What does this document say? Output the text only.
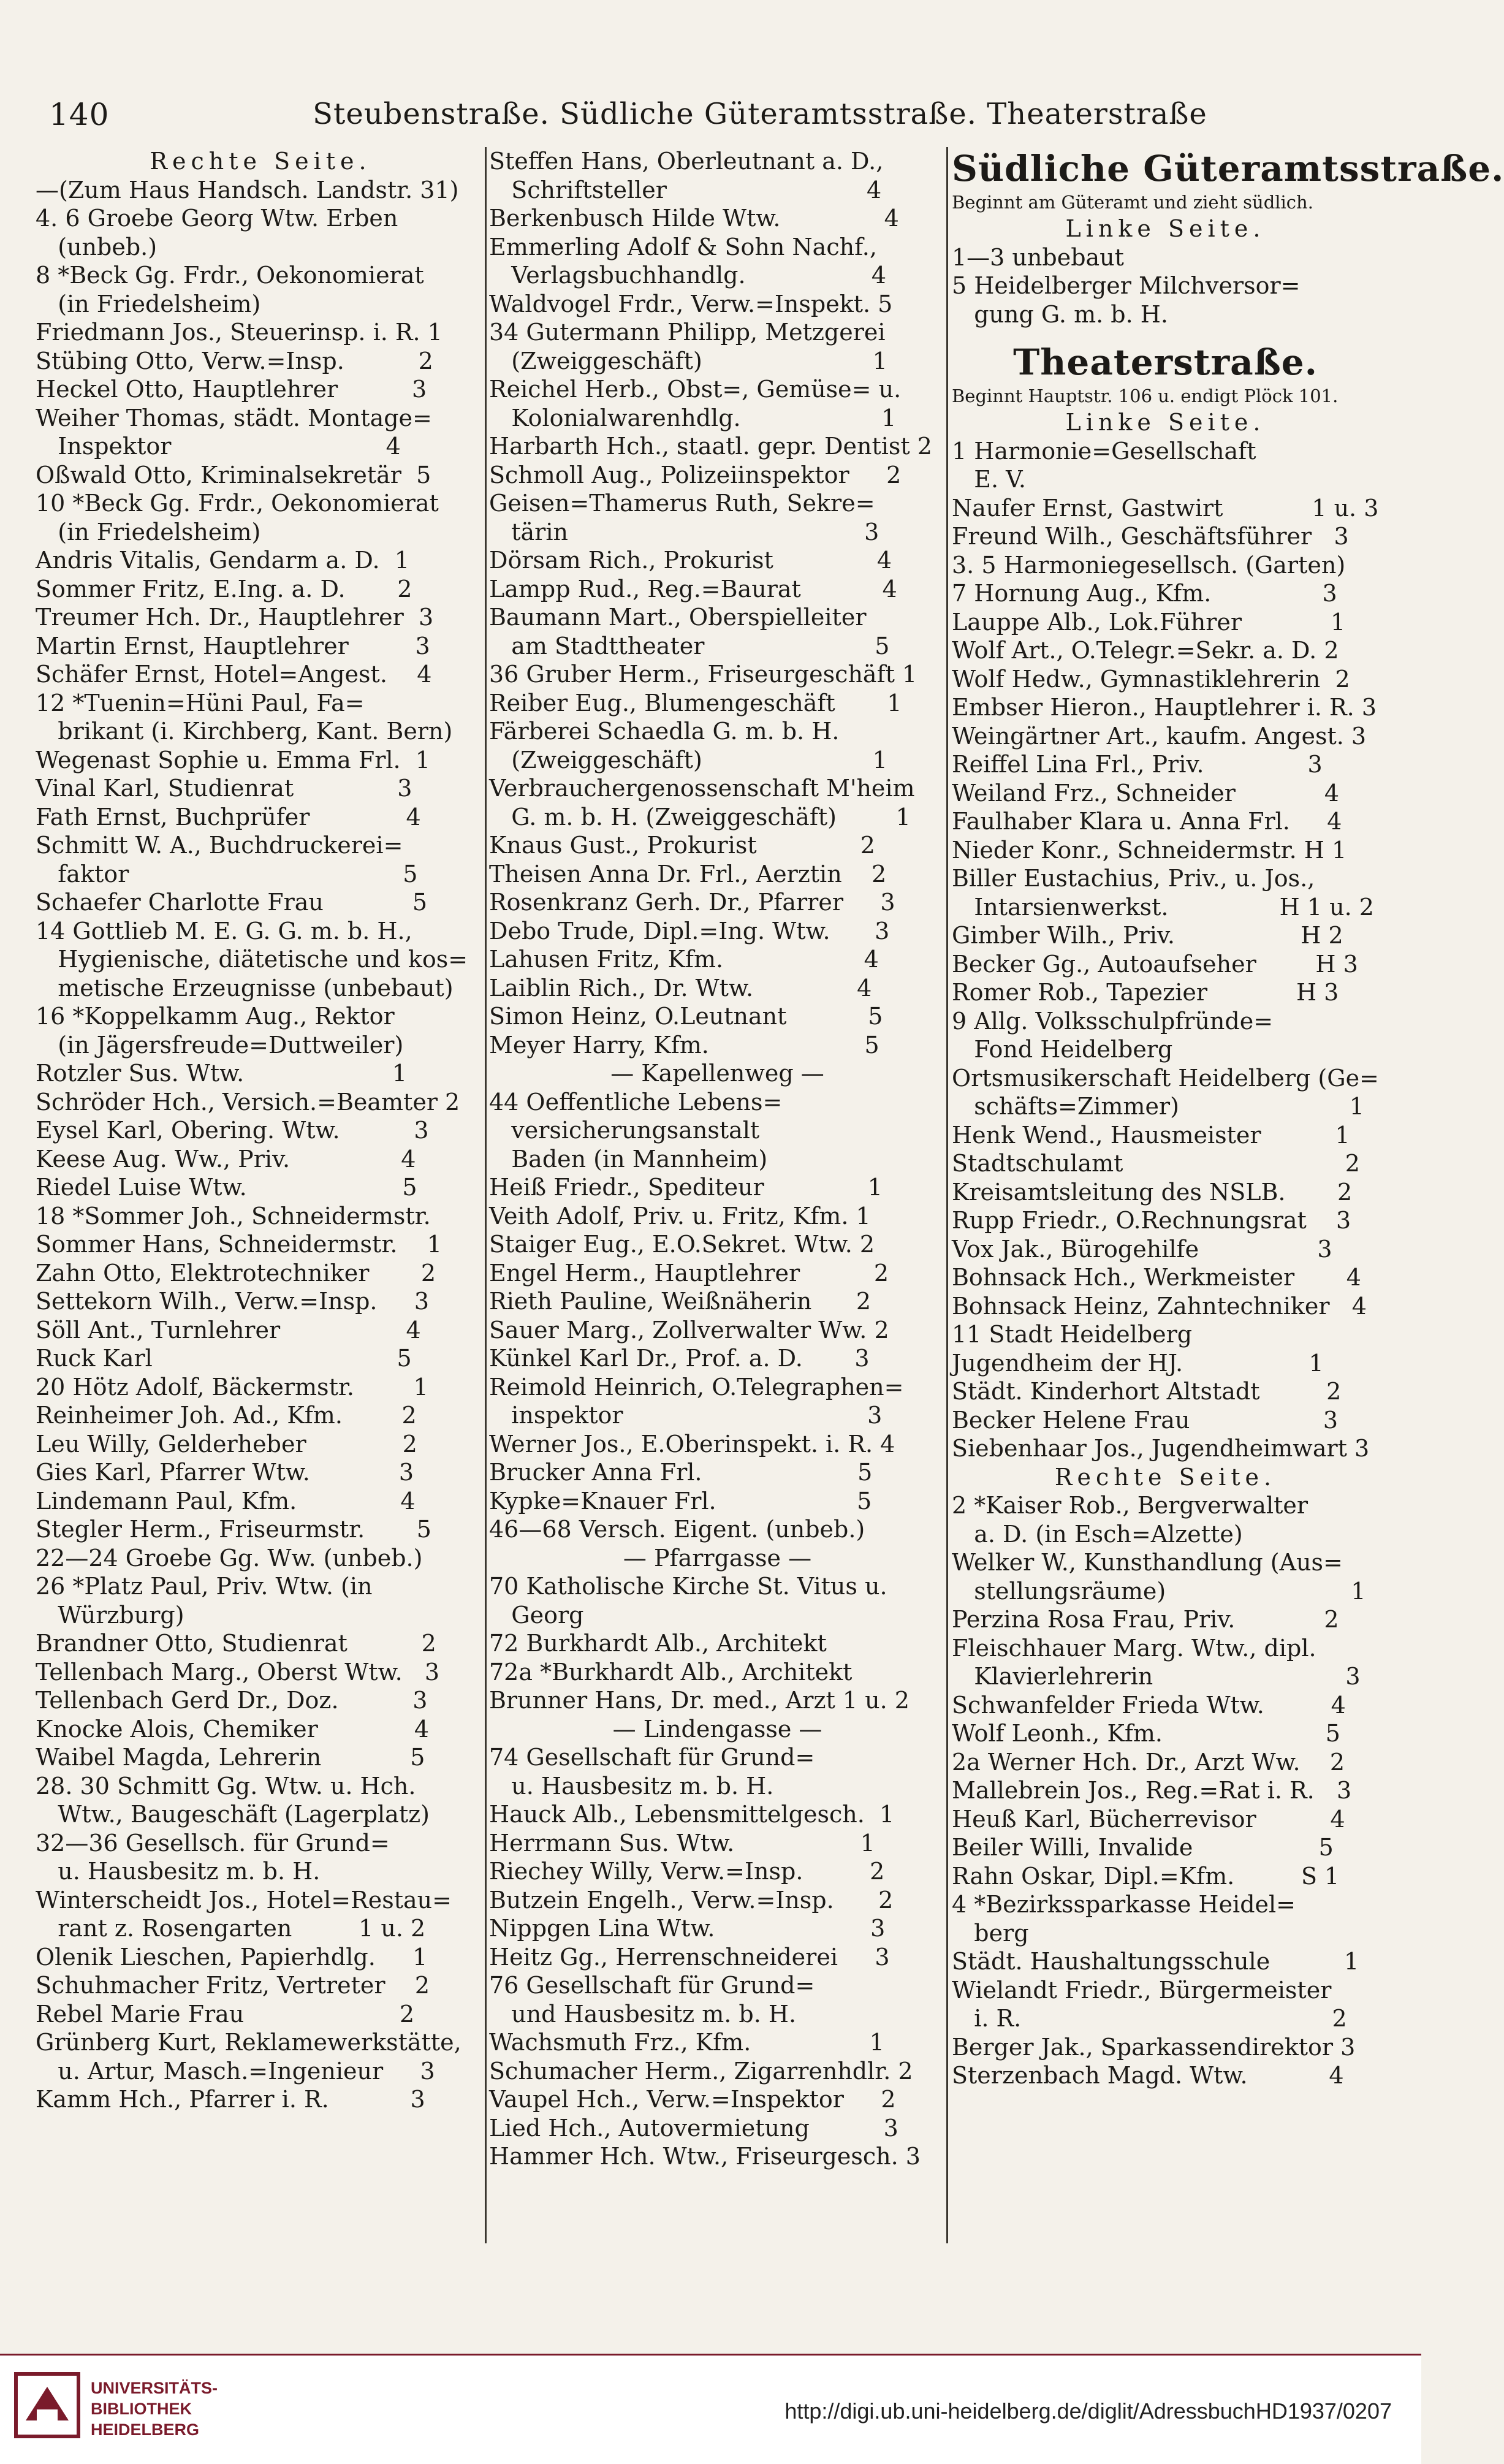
140	Steubenstraße. Südliche Güteramtsstraße. Theaterstraße
Rechte Seite.
—(Zum Haus Handsch. Landstr. 31)
4. 6 Groebe Georg Wtw. Erben
(unbeb.)
8 *Beck Gg. Frdr., Oekonomierat
(in Friedelsheim)
Friedmann Jos., Steuerinsp. i. R. 1
Stübing Otto, Verw.=Insp.          2
Heckel Otto, Hauptlehrer          3
Weiher Thomas, städt. Montage=
Inspektor                             4
Oßwald Otto, Kriminalsekretär  5
10 *Beck Gg. Frdr., Oekonomierat
(in Friedelsheim)
Andris Vitalis, Gendarm a. D.  1
Sommer Fritz, E.Ing. a. D.       2
Treumer Hch. Dr., Hauptlehrer  3
Martin Ernst, Hauptlehrer         3
Schäfer Ernst, Hotel=Angest.    4
12 *Tuenin=Hüni Paul, Fa=
brikant (i. Kirchberg, Kant. Bern)
Wegenast Sophie u. Emma Frl.  1
Vinal Karl, Studienrat              3
Fath Ernst, Buchprüfer             4
Schmitt W. A., Buchdruckerei=
faktor                                     5
Schaefer Charlotte Frau            5
14 Gottlieb M. E. G. G. m. b. H.,
Hygienische, diätetische und kos=
metische Erzeugnisse (unbebaut)
16 *Koppelkamm Aug., Rektor
(in Jägersfreude=Duttweiler)
Rotzler Sus. Wtw.                    1
Schröder Hch., Versich.=Beamter 2
Eysel Karl, Obering. Wtw.          3
Keese Aug. Ww., Priv.               4
Riedel Luise Wtw.                     5
18 *Sommer Joh., Schneidermstr.
Sommer Hans, Schneidermstr.    1
Zahn Otto, Elektrotechniker       2
Settekorn Wilh., Verw.=Insp.     3
Söll Ant., Turnlehrer                 4
Ruck Karl                                 5
20 Hötz Adolf, Bäckermstr.        1
Reinheimer Joh. Ad., Kfm.        2
Leu Willy, Gelderheber             2
Gies Karl, Pfarrer Wtw.            3
Lindemann Paul, Kfm.              4
Stegler Herm., Friseurmstr.       5
22—24 Groebe Gg. Ww. (unbeb.)
26 *Platz Paul, Priv. Wtw. (in
Würzburg)
Brandner Otto, Studienrat          2
Tellenbach Marg., Oberst Wtw.   3
Tellenbach Gerd Dr., Doz.          3
Knocke Alois, Chemiker             4
Waibel Magda, Lehrerin            5
28. 30 Schmitt Gg. Wtw. u. Hch.
Wtw., Baugeschäft (Lagerplatz)
32—36 Gesellsch. für Grund=
u. Hausbesitz m. b. H.
Winterscheidt Jos., Hotel=Restau=
rant z. Rosengarten         1 u. 2
Olenik Lieschen, Papierhdlg.     1
Schuhmacher Fritz, Vertreter    2
Rebel Marie Frau                     2
Grünberg Kurt, Reklamewerkstätte,
u. Artur, Masch.=Ingenieur     3
Kamm Hch., Pfarrer i. R.           3
Steffen Hans, Oberleutnant a. D.,
Schriftsteller                           4
Berkenbusch Hilde Wtw.              4
Emmerling Adolf & Sohn Nachf.,
Verlagsbuchhandlg.                 4
Waldvogel Frdr., Verw.=Inspekt. 5
34 Gutermann Philipp, Metzgerei
(Zweiggeschäft)                       1
Reichel Herb., Obst=, Gemüse= u.
Kolonialwarenhdlg.                   1
Harbarth Hch., staatl. gepr. Dentist 2
Schmoll Aug., Polizeiinspektor     2
Geisen=Thamerus Ruth, Sekre=
tärin                                        3
Dörsam Rich., Prokurist              4
Lampp Rud., Reg.=Baurat           4
Baumann Mart., Oberspielleiter
am Stadttheater                       5
36 Gruber Herm., Friseurgeschäft 1
Reiber Eug., Blumengeschäft       1
Färberei Schaedla G. m. b. H.
(Zweiggeschäft)                       1
Verbrauchergenossenschaft M'heim
G. m. b. H. (Zweiggeschäft)        1
Knaus Gust., Prokurist              2
Theisen Anna Dr. Frl., Aerztin    2
Rosenkranz Gerh. Dr., Pfarrer     3
Debo Trude, Dipl.=Ing. Wtw.      3
Lahusen Fritz, Kfm.                   4
Laiblin Rich., Dr. Wtw.              4
Simon Heinz, O.Leutnant           5
Meyer Harry, Kfm.                     5
— Kapellenweg —
44 Oeffentliche Lebens=
versicherungsanstalt
Baden (in Mannheim)
Heiß Friedr., Spediteur              1
Veith Adolf, Priv. u. Fritz, Kfm. 1
Staiger Eug., E.O.Sekret. Wtw. 2
Engel Herm., Hauptlehrer          2
Rieth Pauline, Weißnäherin      2
Sauer Marg., Zollverwalter Ww. 2
Künkel Karl Dr., Prof. a. D.       3
Reimold Heinrich, O.Telegraphen=
inspektor                                 3
Werner Jos., E.Oberinspekt. i. R. 4
Brucker Anna Frl.                     5
Kypke=Knauer Frl.                   5
46—68 Versch. Eigent. (unbeb.)
— Pfarrgasse —
70 Katholische Kirche St. Vitus u.
Georg
72 Burkhardt Alb., Architekt
72a *Burkhardt Alb., Architekt
Brunner Hans, Dr. med., Arzt 1 u. 2
— Lindengasse —
74 Gesellschaft für Grund=
u. Hausbesitz m. b. H.
Hauck Alb., Lebensmittelgesch.  1
Herrmann Sus. Wtw.                 1
Riechey Willy, Verw.=Insp.         2
Butzein Engelh., Verw.=Insp.      2
Nippgen Lina Wtw.                     3
Heitz Gg., Herrenschneiderei     3
76 Gesellschaft für Grund=
und Hausbesitz m. b. H.
Wachsmuth Frz., Kfm.                1
Schumacher Herm., Zigarrenhdlr. 2
Vaupel Hch., Verw.=Inspektor     2
Lied Hch., Autovermietung          3
Hammer Hch. Wtw., Friseurgesch. 3
Südliche Güteramtsstraße.
Beginnt am Güteramt und zieht südlich.
Linke Seite.
1—3 unbebaut
5 Heidelberger Milchversor=
gung G. m. b. H.
Theaterstraße.
Beginnt Hauptstr. 106 u. endigt Plöck 101.
Linke Seite.
1 Harmonie=Gesellschaft
E. V.
Naufer Ernst, Gastwirt            1 u. 3
Freund Wilh., Geschäftsführer   3
3. 5 Harmoniegesellsch. (Garten)
7 Hornung Aug., Kfm.               3
Lauppe Alb., Lok.Führer            1
Wolf Art., O.Telegr.=Sekr. a. D. 2
Wolf Hedw., Gymnastiklehrerin  2
Embser Hieron., Hauptlehrer i. R. 3
Weingärtner Art., kaufm. Angest. 3
Reiffel Lina Frl., Priv.              3
Weiland Frz., Schneider            4
Faulhaber Klara u. Anna Frl.     4
Nieder Konr., Schneidermstr. H 1
Biller Eustachius, Priv., u. Jos.,
Intarsienwerkst.               H 1 u. 2
Gimber Wilh., Priv.                 H 2
Becker Gg., Autoaufseher        H 3
Romer Rob., Tapezier            H 3
9 Allg. Volksschulpfründe=
Fond Heidelberg
Ortsmusikerschaft Heidelberg (Ge=
schäfts=Zimmer)                       1
Henk Wend., Hausmeister          1
Stadtschulamt                              2
Kreisamtsleitung des NSLB.       2
Rupp Friedr., O.Rechnungsrat    3
Vox Jak., Bürogehilfe                3
Bohnsack Hch., Werkmeister       4
Bohnsack Heinz, Zahntechniker   4
11 Stadt Heidelberg
Jugendheim der HJ.                 1
Städt. Kinderhort Altstadt         2
Becker Helene Frau                  3
Siebenhaar Jos., Jugendheimwart 3
Rechte Seite.
2 *Kaiser Rob., Bergverwalter
a. D. (in Esch=Alzette)
Welker W., Kunsthandlung (Aus=
stellungsräume)                         1
Perzina Rosa Frau, Priv.            2
Fleischhauer Marg. Wtw., dipl.
Klavierlehrerin                          3
Schwanfelder Frieda Wtw.         4
Wolf Leonh., Kfm.                      5
2a Werner Hch. Dr., Arzt Ww.    2
Mallebrein Jos., Reg.=Rat i. R.   3
Heuß Karl, Bücherrevisor          4
Beiler Willi, Invalide                 5
Rahn Oskar, Dipl.=Kfm.         S 1
4 *Bezirkssparkasse Heidel=
berg
Städt. Haushaltungsschule          1
Wielandt Friedr., Bürgermeister
i. R.                                          2
Berger Jak., Sparkassendirektor 3
Sterzenbach Magd. Wtw.           4
UNIVERSITÄTS-
BIBLIOTHEK
HEIDELBERG
http://digi.ub.uni-heidelberg.de/diglit/AdressbuchHD1937/0207
